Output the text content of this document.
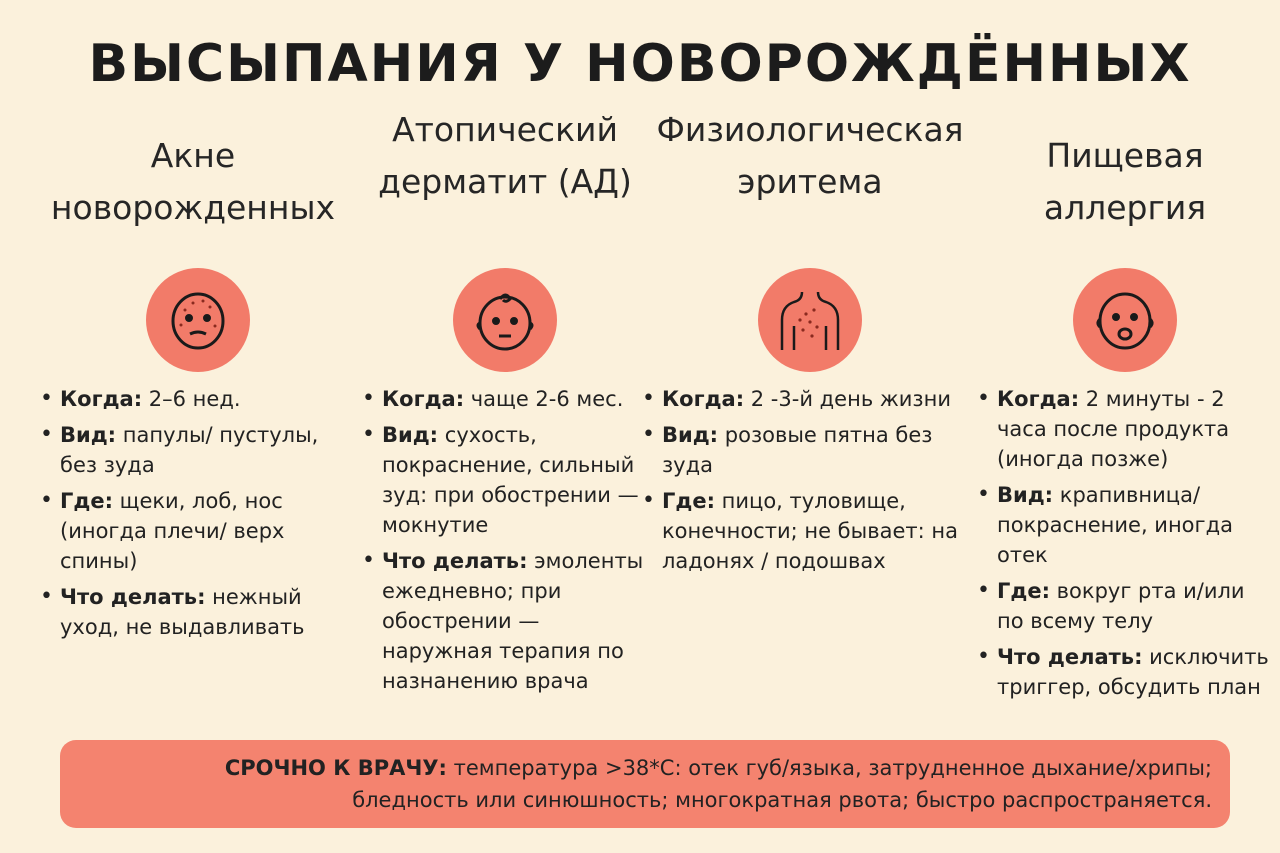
ВЫСЫПАНИЯ У НОВОРОЖДЁННЫХ
Акне
новорожденных
• Когда: 2–6 нед.
• Вид: папулы/ пустулы, без зуда
• Где: щеки, лоб, нос (иногда плечи/ верх спины)
• Что делать: нежный уход, не выдавливать
Атопический
дерматит (АД)
• Когда: чаще 2-6 мес.
• Вид: сухость, покраснение, сильный зуд: при обострении — мокнутие
• Что делать: эмоленты ежедневно; при обострении — наружная терапия по назнанению врача
Физиологическая
эритема
• Когда: 2 -3-й день жизни
• Вид: розовые пятна без зуда
• Где: пицо, туловище, конечности; не бывает: на ладонях / подошвах
Пищевая
аллергия
• Когда: 2 минуты - 2 часа после продукта (иногда позже)
• Вид: крапивница/ покраснение, иногда отек
• Где: вокруг рта и/или по всему телу
• Что делать: исключить триггер, обсудить план
СРОЧНО К ВРАЧУ: температура >38*С: отек губ/языка, затрудненное дыхание/хрипы;
бледность или синюшность; многократная рвота; быстро распространяется.
